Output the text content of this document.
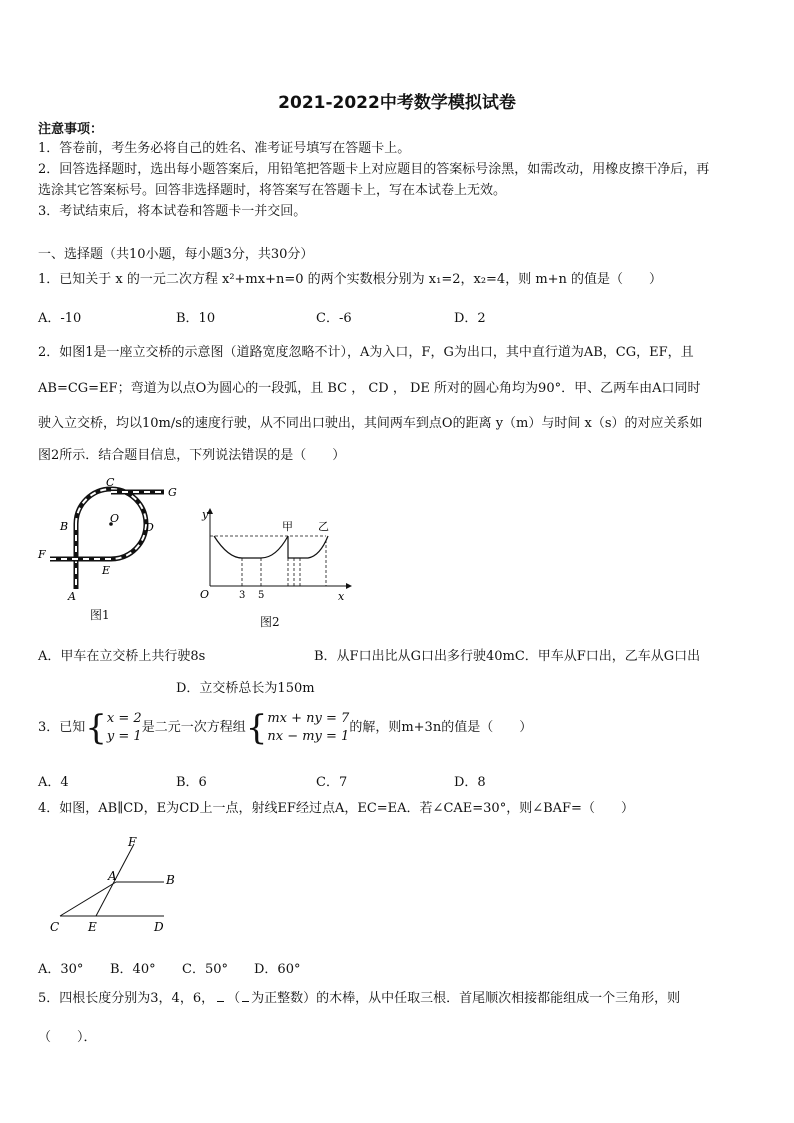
2021-2022中考数学模拟试卷
注意事项：
1．答卷前，考生务必将自己的姓名、准考证号填写在答题卡上。
2．回答选择题时，选出每小题答案后，用铅笔把答题卡上对应题目的答案标号涂黑，如需改动，用橡皮擦干净后，再
选涂其它答案标号。回答非选择题时，将答案写在答题卡上，写在本试卷上无效。
3．考试结束后，将本试卷和答题卡一并交回。
一、选择题（共10小题，每小题3分，共30分）
1．已知关于 x 的一元二次方程 x²+mx+n=0 的两个实数根分别为 x₁=2，x₂=4，则 m+n 的值是（　　）
A．-10	B．10	C．-6	D．2
2．如图1是一座立交桥的示意图（道路宽度忽略不计），A为入口，F，G为出口，其中直行道为AB，CG，EF，且
AB=CG=EF；弯道为以点O为圆心的一段弧，且 BC ， CD ， DE 所对的圆心角均为90°．甲、乙两车由A口同时
驶入立交桥，均以10m/s的速度行驶，从不同出口驶出，其间两车到点O的距离 y（m）与时间 x（s）的对应关系如
图2所示．结合题目信息，下列说法错误的是（　　）
C
G
B
O
D
F
E
A
图1
y
甲 乙
O	3 5	x
图2
A．甲车在立交桥上共行驶8s	B．从F口出比从G口出多行驶40mC．甲车从F口出，乙车从G口出
D．立交桥总长为150m
3．已知{ x = 2
y = 1
是二元一次方程组{ mx + ny = 7
nx − my = 1
的解，则m+3n的值是（　　）
A．4	B．6	C．7	D．8
4．如图，AB∥CD，E为CD上一点，射线EF经过点A，EC=EA．若∠CAE=30°，则∠BAF=（　　）
F
A	B
C E	D
A．30° B．40° C．50° D．60°
5．四根长度分别为3，4，6， （ 为正整数）的木棒，从中任取三根．首尾顺次相接都能组成一个三角形，则
（　　）．
